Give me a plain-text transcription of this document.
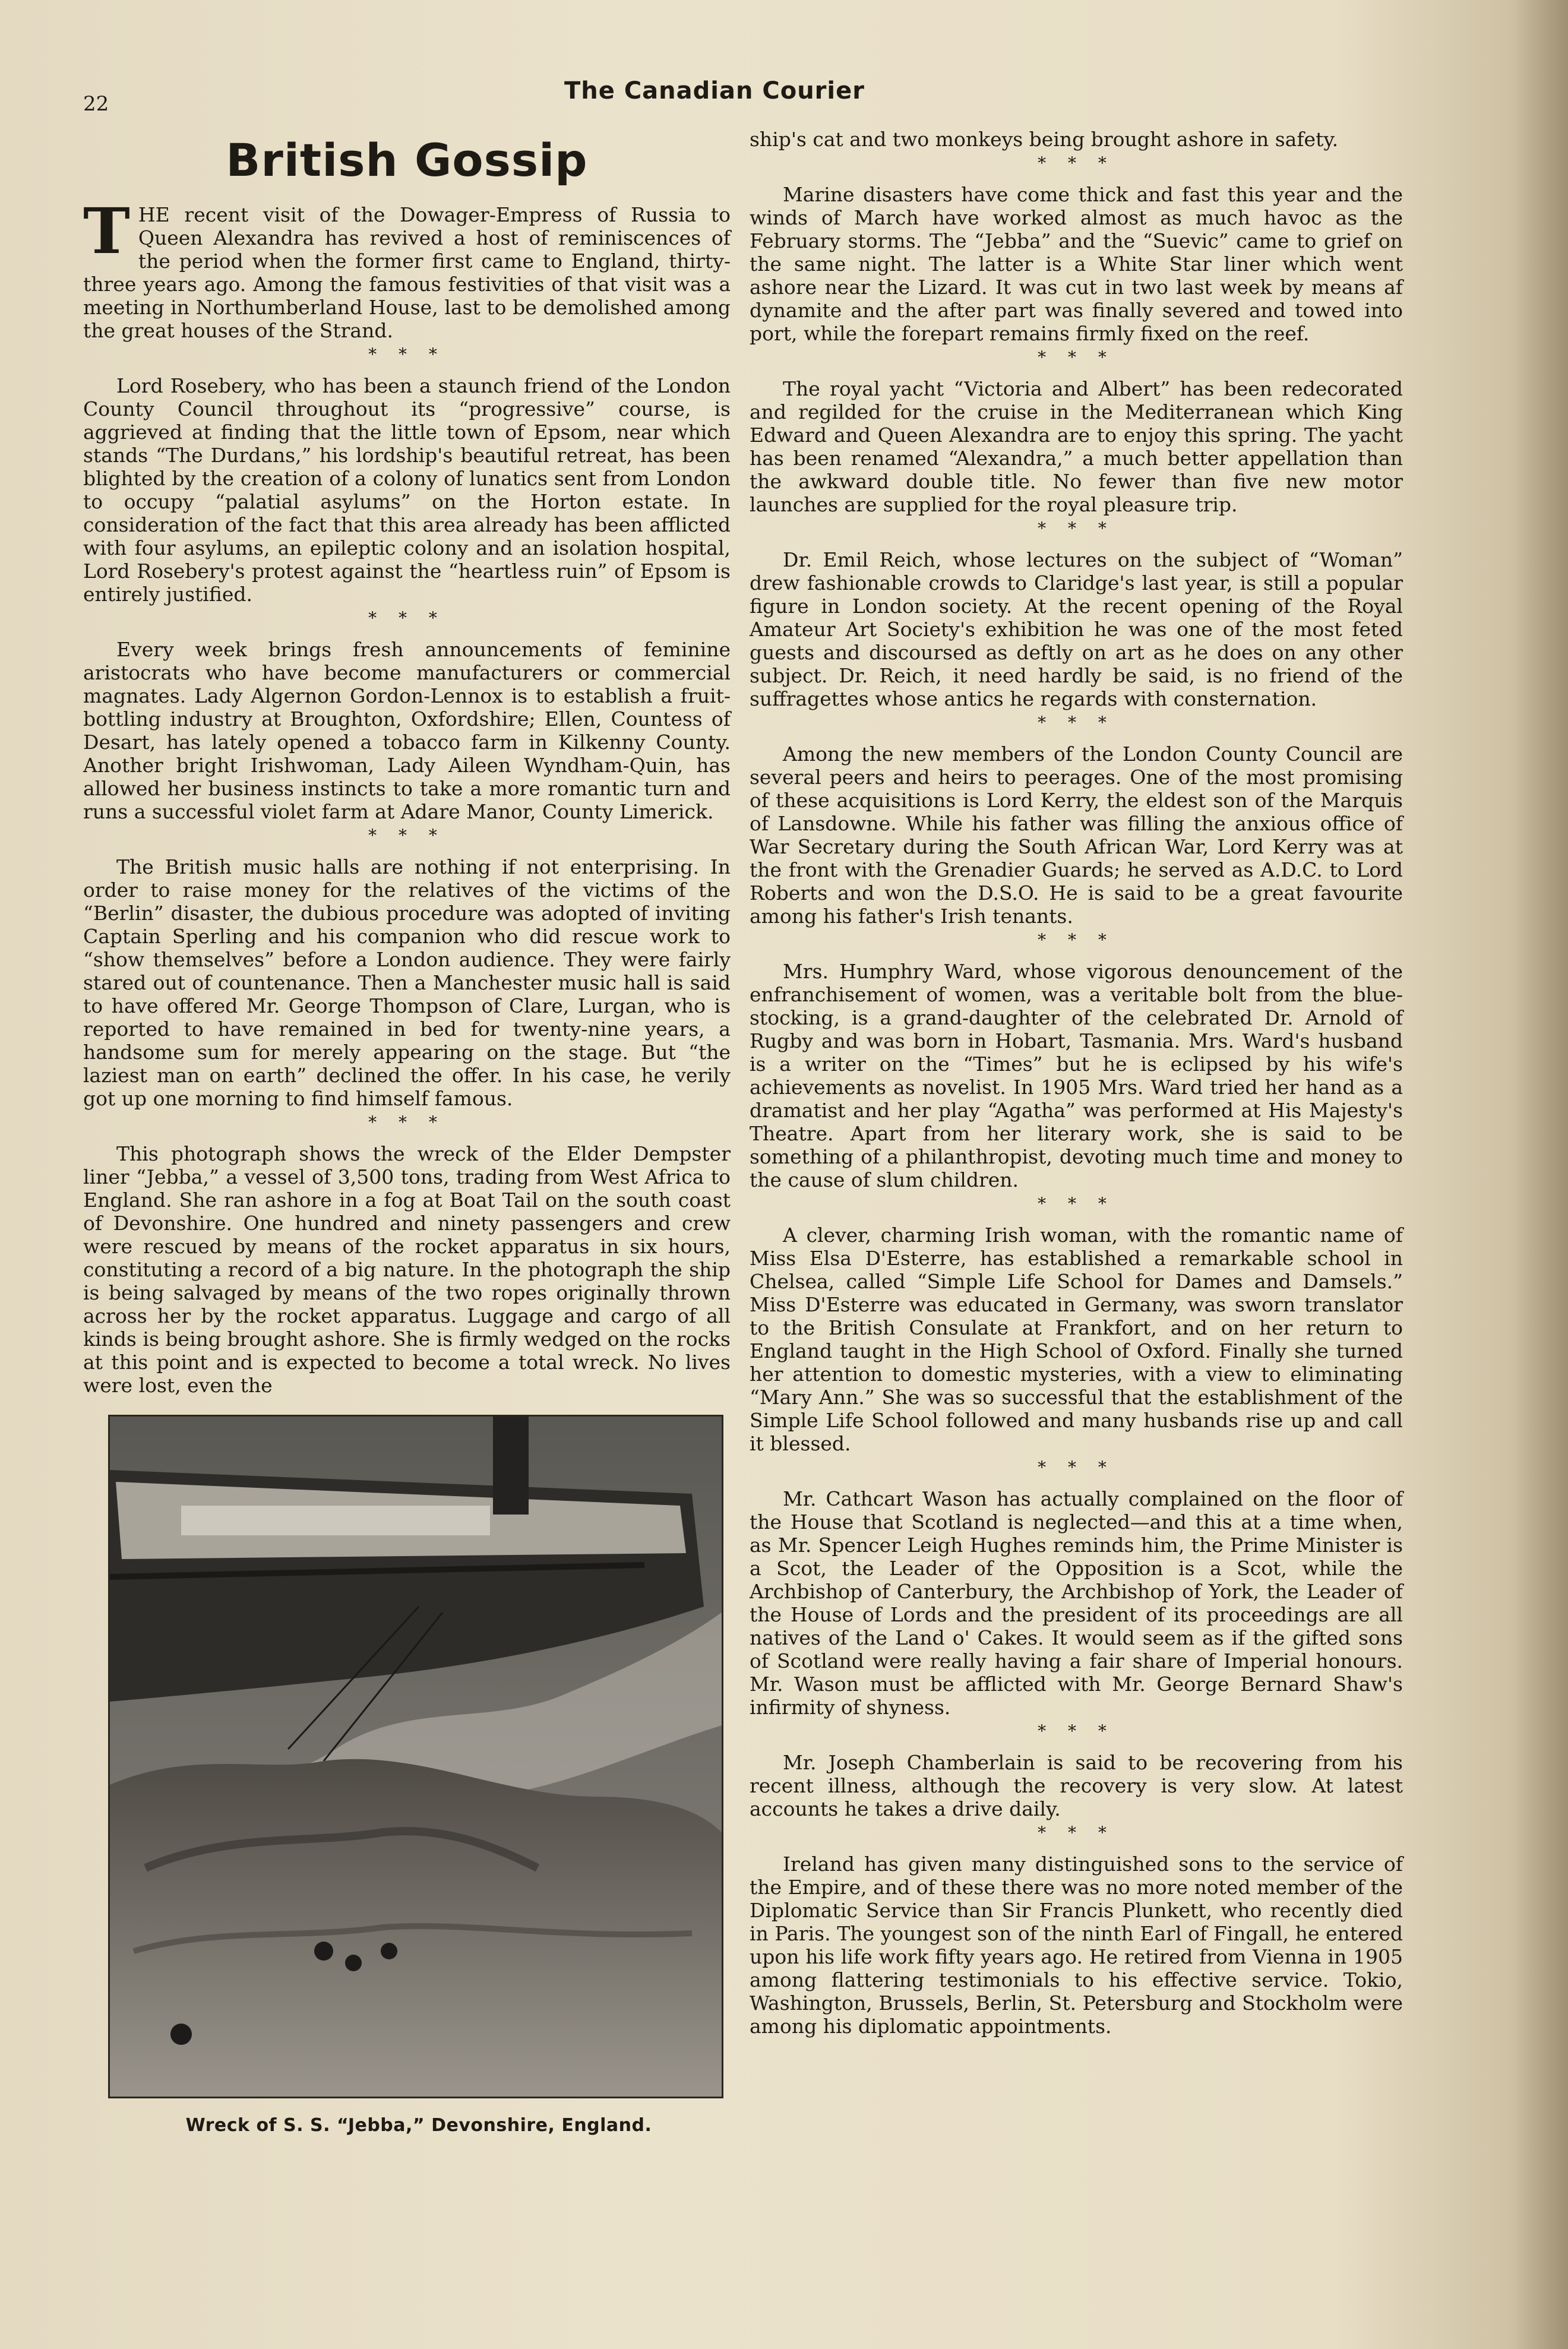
22	The Canadian Courier
British Gossip

THE recent visit of the Dowager-Empress of Russia to Queen Alexandra has revived a host of reminiscences of the period when the former first came to England, thirty-three years ago. Among the famous festivities of that visit was a meeting in Northumberland House, last to be demolished among the great houses of the Strand.

* * *

Lord Rosebery, who has been a staunch friend of the London County Council throughout its “progressive” course, is aggrieved at finding that the little town of Epsom, near which stands “The Durdans,” his lordship's beautiful retreat, has been blighted by the creation of a colony of lunatics sent from London to occupy “palatial asylums” on the Horton estate. In consideration of the fact that this area already has been afflicted with four asylums, an epileptic colony and an isolation hospital, Lord Rosebery's protest against the “heartless ruin” of Epsom is entirely justified.

* * *

Every week brings fresh announcements of feminine aristocrats who have become manufacturers or commercial magnates. Lady Algernon Gordon-Lennox is to establish a fruit-bottling industry at Broughton, Oxfordshire; Ellen, Countess of Desart, has lately opened a tobacco farm in Kilkenny County. Another bright Irishwoman, Lady Aileen Wyndham-Quin, has allowed her business instincts to take a more romantic turn and runs a successful violet farm at Adare Manor, County Limerick.

* * *

The British music halls are nothing if not enterprising. In order to raise money for the relatives of the victims of the “Berlin” disaster, the dubious procedure was adopted of inviting Captain Sperling and his companion who did rescue work to “show themselves” before a London audience. They were fairly stared out of countenance. Then a Manchester music hall is said to have offered Mr. George Thompson of Clare, Lurgan, who is reported to have remained in bed for twenty-nine years, a handsome sum for merely appearing on the stage. But “the laziest man on earth” declined the offer. In his case, he verily got up one morning to find himself famous.

* * *

This photograph shows the wreck of the Elder Dempster liner “Jebba,” a vessel of 3,500 tons, trading from West Africa to England. She ran ashore in a fog at Boat Tail on the south coast of Devonshire. One hundred and ninety passengers and crew were rescued by means of the rocket apparatus in six hours, constituting a record of a big nature. In the photograph the ship is being salvaged by means of the two ropes originally thrown across her by the rocket apparatus. Luggage and cargo of all kinds is being brought ashore. She is firmly wedged on the rocks at this point and is expected to become a total wreck. No lives were lost, even the

Wreck of S. S. “Jebba,” Devonshire, England.

ship's cat and two monkeys being brought ashore in safety.

* * *

Marine disasters have come thick and fast this year and the winds of March have worked almost as much havoc as the February storms. The “Jebba” and the “Suevic” came to grief on the same night. The latter is a White Star liner which went ashore near the Lizard. It was cut in two last week by means af dynamite and the after part was finally severed and towed into port, while the forepart remains firmly fixed on the reef.

* * *

The royal yacht “Victoria and Albert” has been redecorated and regilded for the cruise in the Mediterranean which King Edward and Queen Alexandra are to enjoy this spring. The yacht has been renamed “Alexandra,” a much better appellation than the awkward double title. No fewer than five new motor launches are supplied for the royal pleasure trip.

* * *

Dr. Emil Reich, whose lectures on the subject of “Woman” drew fashionable crowds to Claridge's last year, is still a popular figure in London society. At the recent opening of the Royal Amateur Art Society's exhibition he was one of the most feted guests and discoursed as deftly on art as he does on any other subject. Dr. Reich, it need hardly be said, is no friend of the suffragettes whose antics he regards with consternation.

* * *

Among the new members of the London County Council are several peers and heirs to peerages. One of the most promising of these acquisitions is Lord Kerry, the eldest son of the Marquis of Lansdowne. While his father was filling the anxious office of War Secretary during the South African War, Lord Kerry was at the front with the Grenadier Guards; he served as A.D.C. to Lord Roberts and won the D.S.O. He is said to be a great favourite among his father's Irish tenants.

* * *

Mrs. Humphry Ward, whose vigorous denouncement of the enfranchisement of women, was a veritable bolt from the blue-stocking, is a grand-daughter of the celebrated Dr. Arnold of Rugby and was born in Hobart, Tasmania. Mrs. Ward's husband is a writer on the “Times” but he is eclipsed by his wife's achievements as novelist. In 1905 Mrs. Ward tried her hand as a dramatist and her play “Agatha” was performed at His Majesty's Theatre. Apart from her literary work, she is said to be something of a philanthropist, devoting much time and money to the cause of slum children.

* * *

A clever, charming Irish woman, with the romantic name of Miss Elsa D'Esterre, has established a remarkable school in Chelsea, called “Simple Life School for Dames and Damsels.” Miss D'Esterre was educated in Germany, was sworn translator to the British Consulate at Frankfort, and on her return to England taught in the High School of Oxford. Finally she turned her attention to domestic mysteries, with a view to eliminating “Mary Ann.” She was so successful that the establishment of the Simple Life School followed and many husbands rise up and call it blessed.

* * *

Mr. Cathcart Wason has actually complained on the floor of the House that Scotland is neglected—and this at a time when, as Mr. Spencer Leigh Hughes reminds him, the Prime Minister is a Scot, the Leader of the Opposition is a Scot, while the Archbishop of Canterbury, the Archbishop of York, the Leader of the House of Lords and the president of its proceedings are all natives of the Land o' Cakes. It would seem as if the gifted sons of Scotland were really having a fair share of Imperial honours. Mr. Wason must be afflicted with Mr. George Bernard Shaw's infirmity of shyness.

* * *

Mr. Joseph Chamberlain is said to be recovering from his recent illness, although the recovery is very slow. At latest accounts he takes a drive daily.

* * *

Ireland has given many distinguished sons to the service of the Empire, and of these there was no more noted member of the Diplomatic Service than Sir Francis Plunkett, who recently died in Paris. The youngest son of the ninth Earl of Fingall, he entered upon his life work fifty years ago. He retired from Vienna in 1905 among flattering testimonials to his effective service. Tokio, Washington, Brussels, Berlin, St. Petersburg and Stockholm were among his diplomatic appointments.
